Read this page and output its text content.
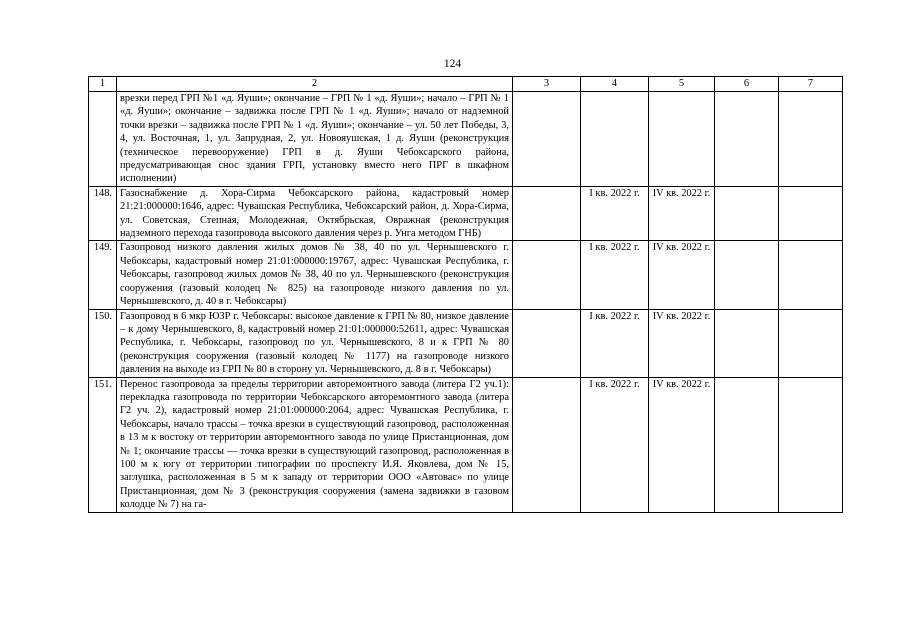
124
1	2	3	4	5	6	7
	врезки перед ГРП №1 «д. Яуши»; окончание – ГРП № 1 «д. Яуши»; начало – ГРП № 1 «д. Яуши»; окончание – задвижка после ГРП № 1 «д. Яуши»; начало от надземной точки врезки – задвижка после ГРП № 1 «д. Яуши»; окончание – ул. 50 лет Победы, 3, 4, ул. Восточная, 1, ул. Запрудная, 2, ул. Новояушская, 1 д. Яуши (реконструкция (техническое перевооружение) ГРП в д. Яуши Чебоксарского района, предусматривающая снос здания ГРП, установку вместо него ПРГ в шкафном исполнении)					
148.	Газоснабжение д. Хора-Сирма Чебоксарского района, кадастровый номер 21:21:000000:1646, адрес: Чувашская Республика, Чебоксарский район, д. Хора-Сирма, ул. Советская, Степная, Молодежная, Октябрьская, Овражная (реконструкция надземного перехода газопровода высокого давления через р. Унга методом ГНБ)		I кв. 2022 г.	IV кв. 2022 г.		
149.	Газопровод низкого давления жилых домов № 38, 40 по ул. Чернышевского г. Чебоксары, кадастровый номер 21:01:000000:19767, адрес: Чувашская Республика, г. Чебоксары, газопровод жилых домов № 38, 40 по ул. Чернышевского (реконструкция сооружения (газовый колодец № 825) на газопроводе низкого давления по ул. Чернышевского, д. 40 в г. Чебоксары)		I кв. 2022 г.	IV кв. 2022 г.		
150.	Газопровод в 6 мкр ЮЗР г. Чебоксары: высокое давление к ГРП № 80, низкое давление – к дому Чернышевского, 8, кадастровый номер 21:01:000000:52611, адрес: Чувашская Республика, г. Чебоксары, газопровод по ул. Чернышевского, 8 и к ГРП № 80 (реконструкция сооружения (газовый колодец № 1177) на газопроводе низкого давления на выходе из ГРП № 80 в сторону ул. Чернышевского, д. 8 в г. Чебоксары)		I кв. 2022 г.	IV кв. 2022 г.		
151.	Перенос газопровода за пределы территории авторемонтного завода (литера Г2 уч.1): перекладка газопровода по территории Чебоксарского авторемонтного завода (литера Г2 уч. 2), кадастровый номер 21:01:000000:2064, адрес: Чувашская Республика, г. Чебоксары, начало трассы – точка врезки в существующий газопровод, расположенная в 13 м к востоку от территории авторемонтного завода по улице Пристанционная, дом № 1; окончание трассы — точка врезки в существующий газопровод, расположенная в 100 м к югу от территории типографии по проспекту И.Я. Яковлева, дом № 15, заглушка, расположенная в 5 м к западу от территории ООО «Автовас» по улице Пристанционная, дом № 3 (реконструкция сооружения (замена задвижки в газовом колодце № 7) на га-		I кв. 2022 г.	IV кв. 2022 г.		
